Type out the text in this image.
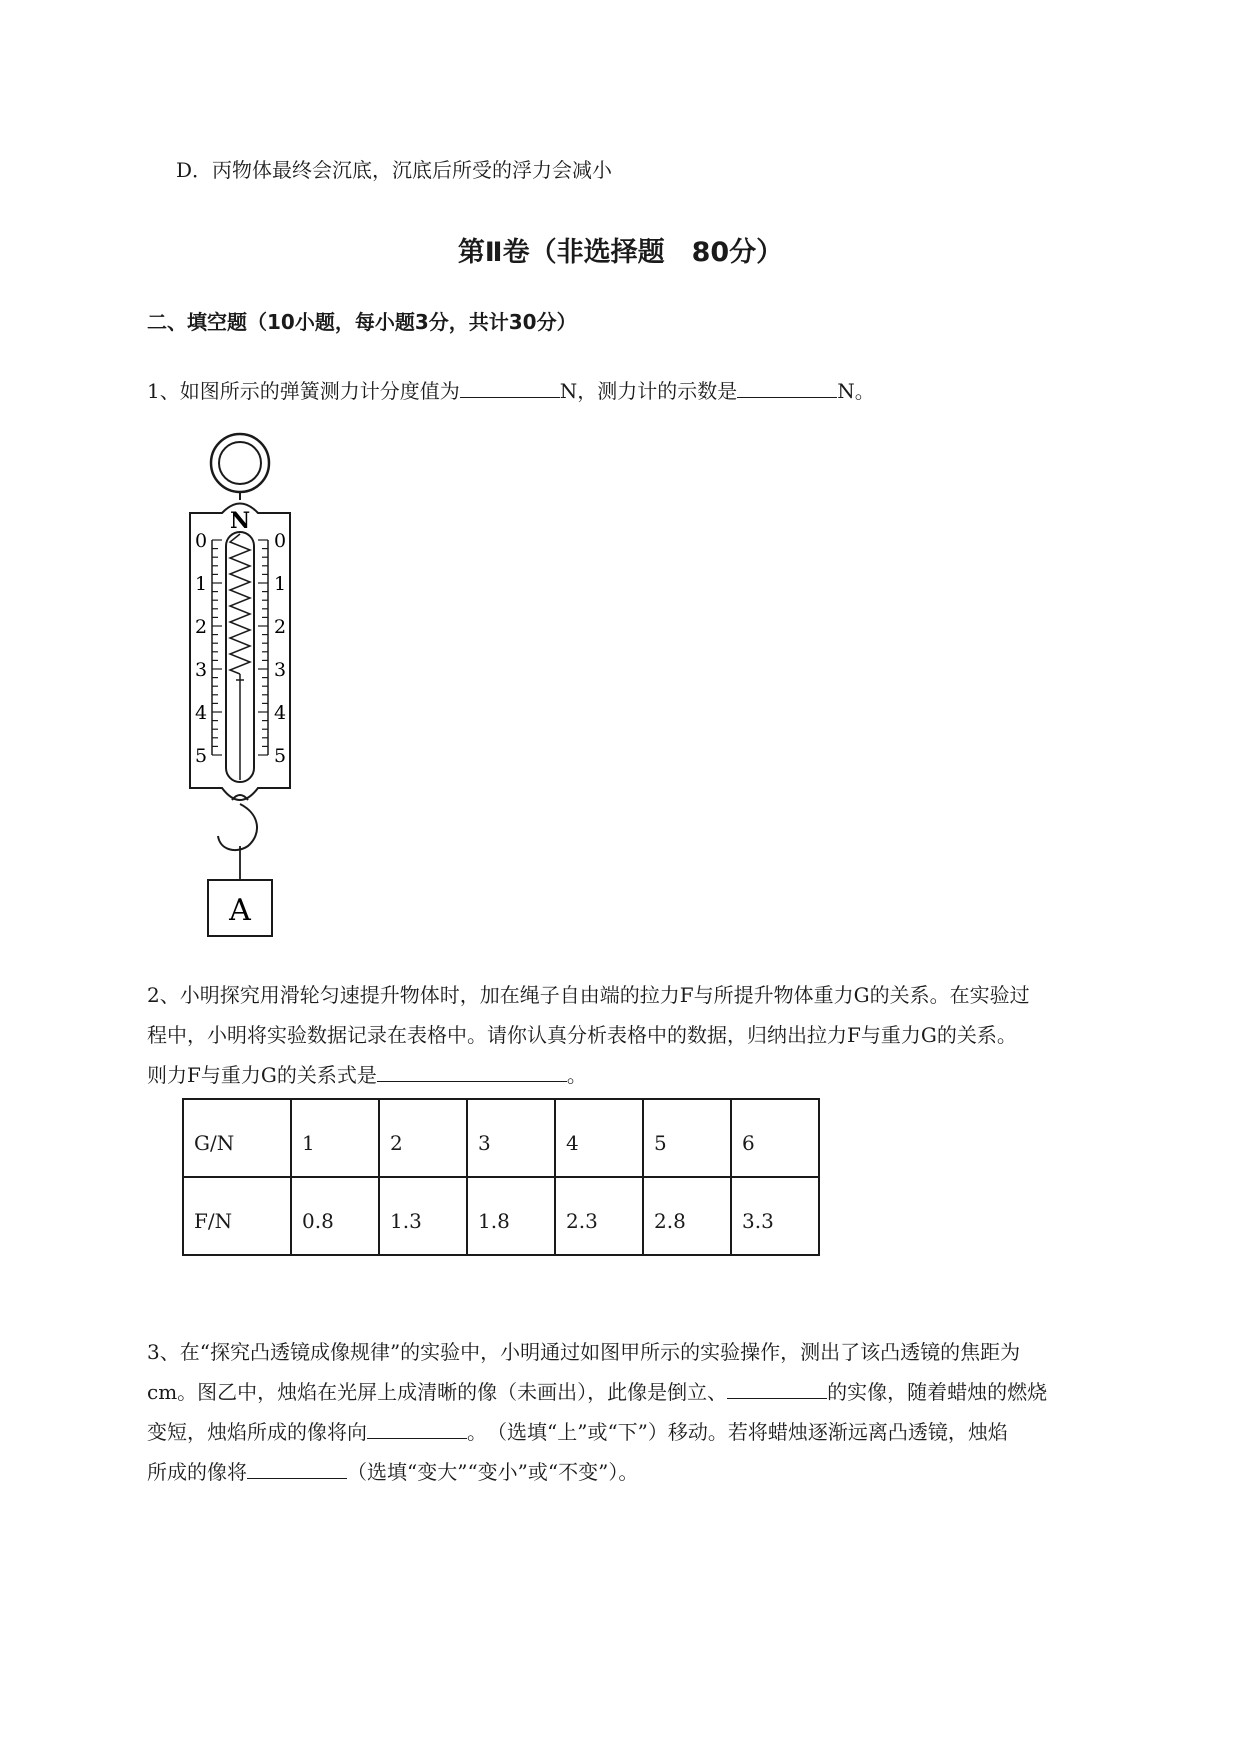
D．丙物体最终会沉底，沉底后所受的浮力会减小
第Ⅱ卷（非选择题　80分）
二、填空题（10小题，每小题3分，共计30分）
1、如图所示的弹簧测力计分度值为	N，测力计的示数是	N。
N
0
1
2
3
4
5
0
1
2
3
4
5
A
2、小明探究用滑轮匀速提升物体时，加在绳子自由端的拉力F与所提升物体重力G的关系。在实验过
程中，小明将实验数据记录在表格中。请你认真分析表格中的数据，归纳出拉力F与重力G的关系。
则力F与重力G的关系式是	。
G/N	1	2	3	4	5	6
F/N	0.8	1.3	1.8	2.3	2.8	3.3
3、在“探究凸透镜成像规律”的实验中，小明通过如图甲所示的实验操作，测出了该凸透镜的焦距为
cm。图乙中，烛焰在光屏上成清晰的像（未画出），此像是倒立、	的实像，随着蜡烛的燃烧
变短，烛焰所成的像将向	。　（选填“上”或“下”）移动。若将蜡烛逐渐远离凸透镜，烛焰
所成的像将	（选填“变大”“变小”或“不变”）。
